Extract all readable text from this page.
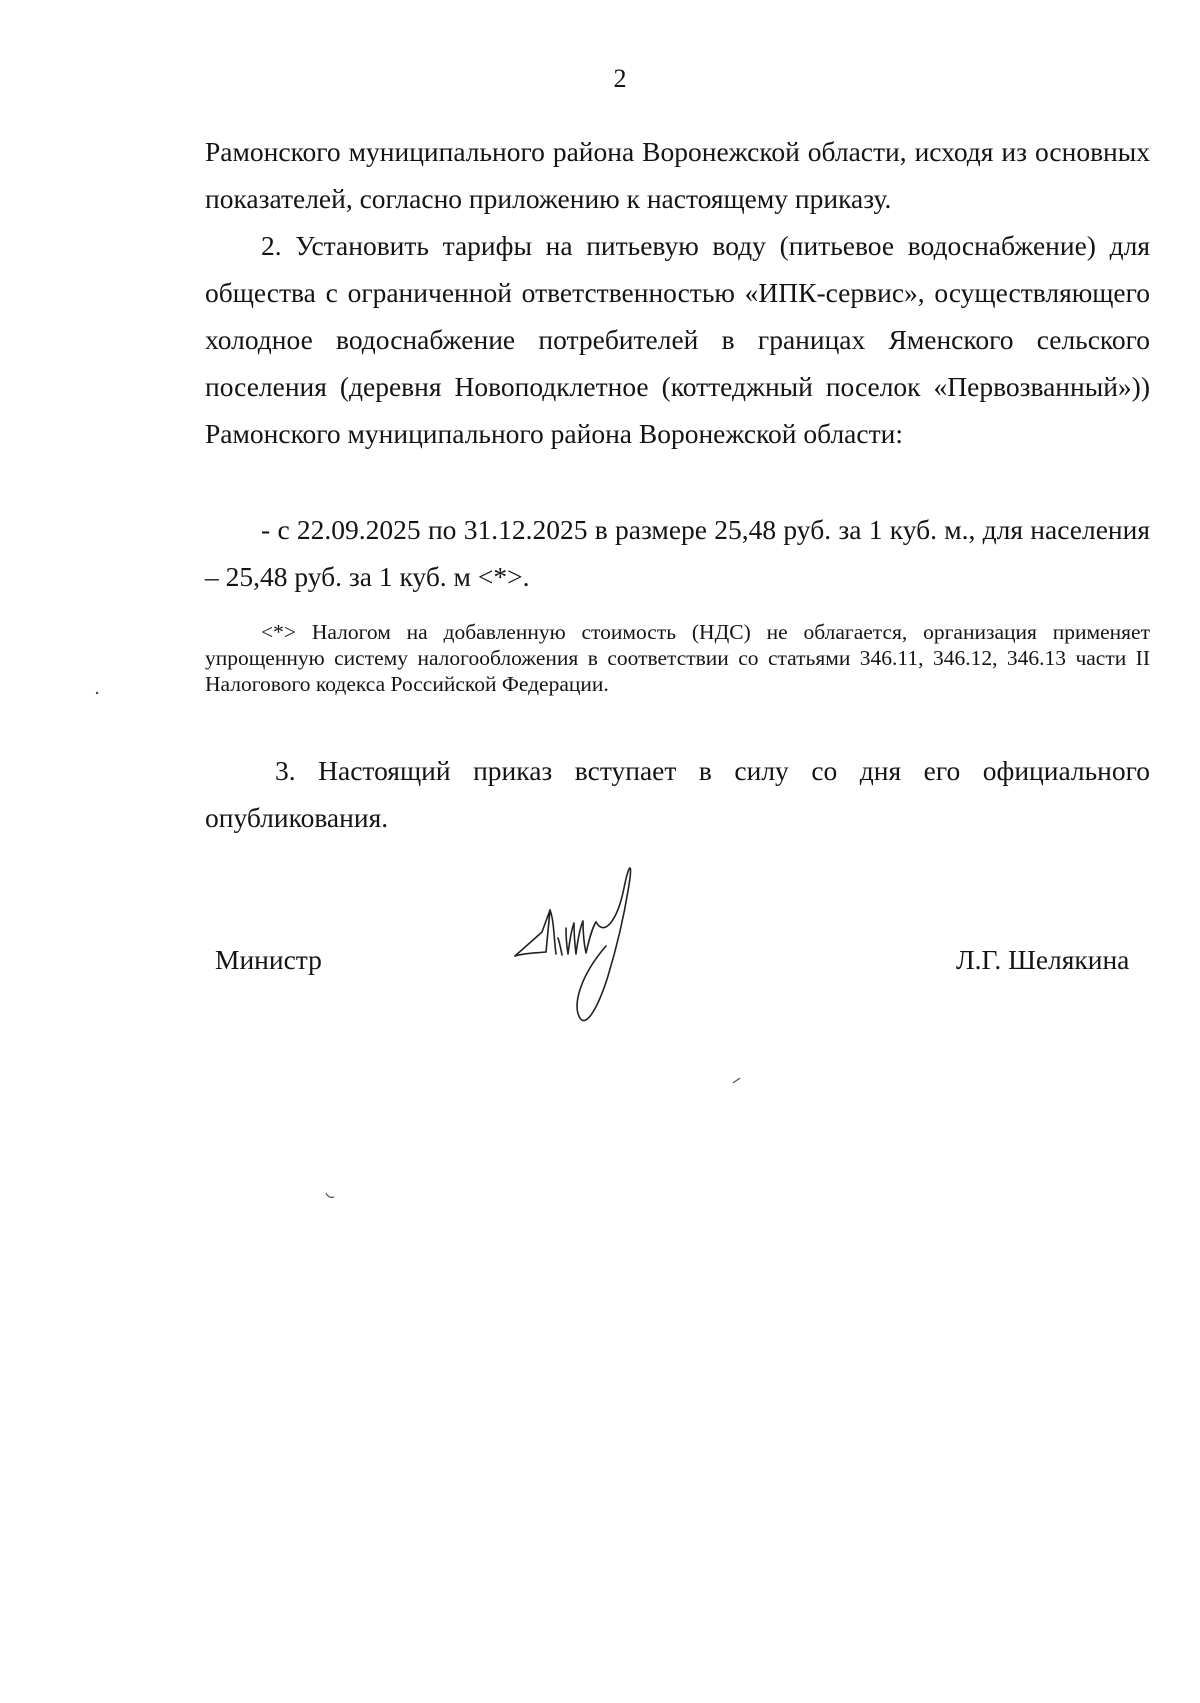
2
Рамонского муниципального района Воронежской области, исходя из основных показателей, согласно приложению к настоящему приказу.
2. Установить тарифы на питьевую воду (питьевое водоснабжение) для общества с ограниченной ответственностью «ИПК-сервис», осуществляющего холодное водоснабжение потребителей в границах Яменского сельского поселения (деревня Новоподклетное (коттеджный поселок «Первозванный»)) Рамонского муниципального района Воронежской области:
- с 22.09.2025 по 31.12.2025 в размере 25,48 руб. за 1 куб. м., для населения – 25,48 руб. за 1 куб. м <*>.
<*> Налогом на добавленную стоимость (НДС) не облагается, организация применяет упрощенную систему налогообложения в соответствии со статьями 346.11, 346.12, 346.13 части II Налогового кодекса Российской Федерации.
3. Настоящий приказ вступает в силу со дня его официального опубликования.
Министр	Л.Г. Шелякина
